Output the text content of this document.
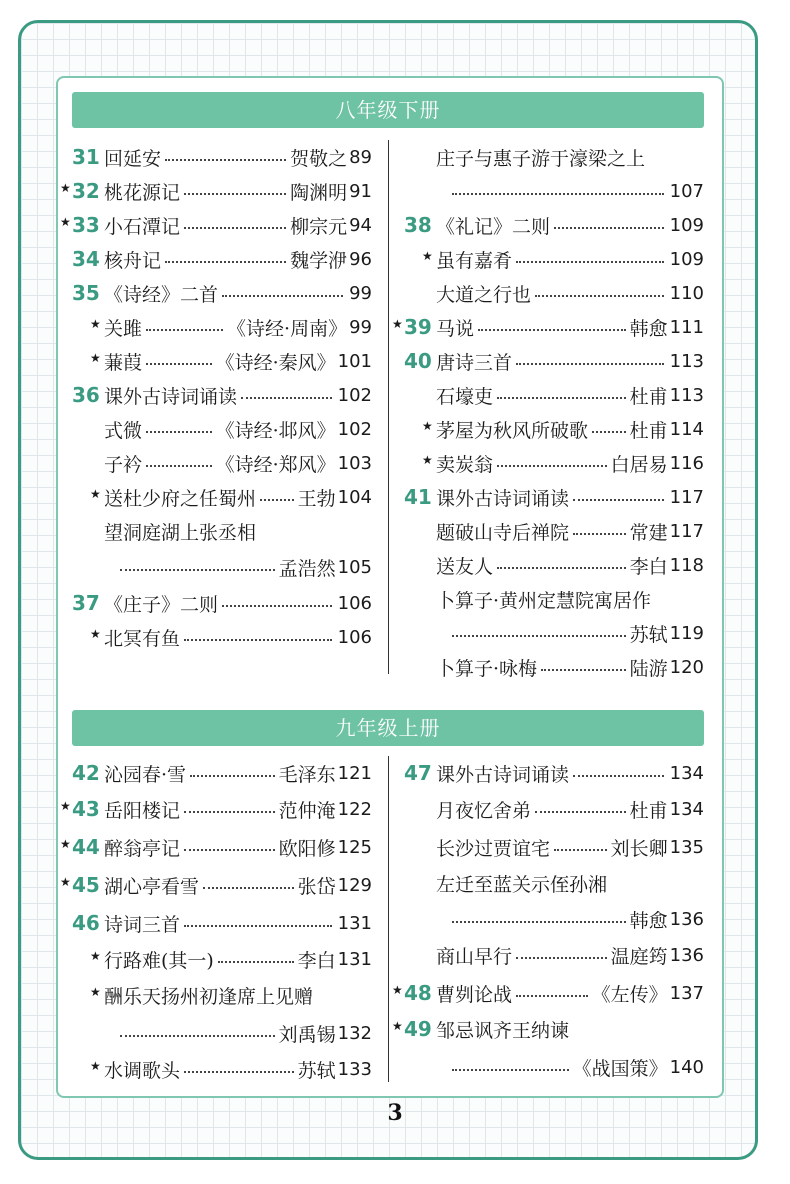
八年级下册
31 回延安	贺敬之 89
★ 32 桃花源记	陶渊明 91
★ 33 小石潭记	柳宗元 94
34 核舟记	魏学洢 96
35 《诗经》二首	99
★ 关雎	《诗经·周南》 99
★ 蒹葭	《诗经·秦风》 101
36 课外古诗词诵读	102
式微	《诗经·邶风》 102
子衿	《诗经·郑风》 103
★ 送杜少府之任蜀州 王勃 104
望洞庭湖上张丞相
孟浩然 105
37 《庄子》二则	106
★ 北冥有鱼	106
庄子与惠子游于濠梁之上
107
38 《礼记》二则	109
★ 虽有嘉肴	109
大道之行也	110
★ 39 马说	韩愈 111
40 唐诗三首	113
石壕吏	杜甫 113
★ 茅屋为秋风所破歌 杜甫 114
★ 卖炭翁	白居易 116
41 课外古诗词诵读	117
题破山寺后禅院	常建 117
送友人	李白 118
卜算子·黄州定慧院寓居作
苏轼 119
卜算子·咏梅	陆游 120
九年级上册
42 沁园春·雪	毛泽东 121
★ 43 岳阳楼记	范仲淹 122
★ 44 醉翁亭记	欧阳修 125
★ 45 湖心亭看雪	张岱 129
46 诗词三首	131
★ 行路难(其一)	李白 131
★ 酬乐天扬州初逢席上见赠
刘禹锡 132
★ 水调歌头	苏轼 133
47 课外古诗词诵读	134
月夜忆舍弟	杜甫 134
长沙过贾谊宅	刘长卿 135
左迁至蓝关示侄孙湘
韩愈 136
商山早行	温庭筠 136
★ 48 曹刿论战	《左传》 137
★ 49 邹忌讽齐王纳谏
《战国策》 140
3
